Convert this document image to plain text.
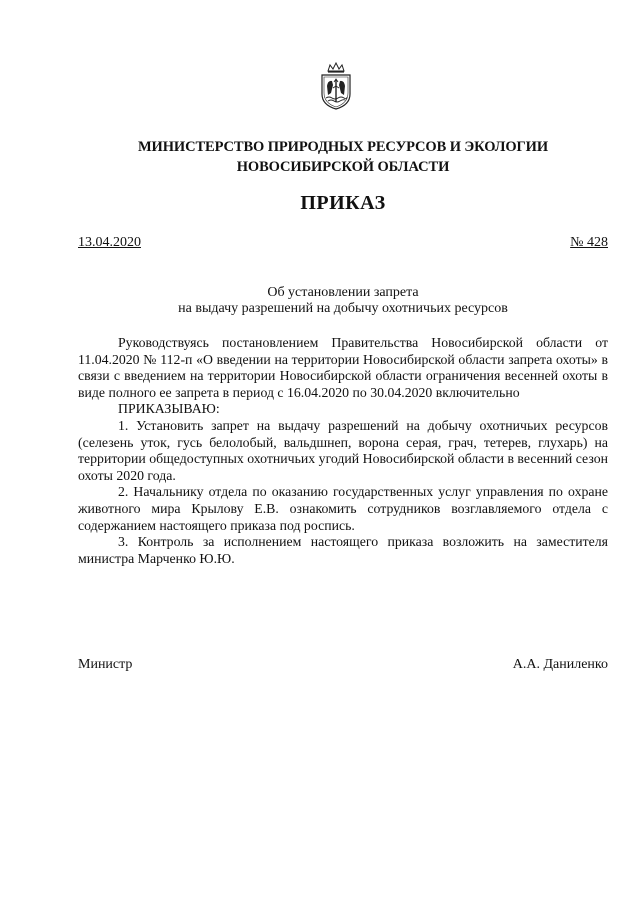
МИНИСТЕРСТВО ПРИРОДНЫХ РЕСУРСОВ И ЭКОЛОГИИ
НОВОСИБИРСКОЙ ОБЛАСТИ
ПРИКАЗ
13.04.2020	№ 428
Об установлении запрета
на выдачу разрешений на добычу охотничьих ресурсов

Руководствуясь постановлением Правительства Новосибирской области от 11.04.2020 № 112-п «О введении на территории Новосибирской области запрета охоты» в связи с введением на территории Новосибирской области ограничения весенней охоты в виде полного ее запрета в период с 16.04.2020 по 30.04.2020 включительно

ПРИКАЗЫВАЮ:

1. Установить запрет на выдачу разрешений на добычу охотничьих ресурсов (селезень уток, гусь белолобый, вальдшнеп, ворона серая, грач, тетерев, глухарь) на территории общедоступных охотничьих угодий Новосибирской области в весенний сезон охоты 2020 года.

2. Начальнику отдела по оказанию государственных услуг управления по охране животного мира Крылову Е.В. ознакомить сотрудников возглавляемого отдела с содержанием настоящего приказа под роспись.

3. Контроль за исполнением настоящего приказа возложить на заместителя министра Марченко Ю.Ю.

Министр	А.А. Даниленко
